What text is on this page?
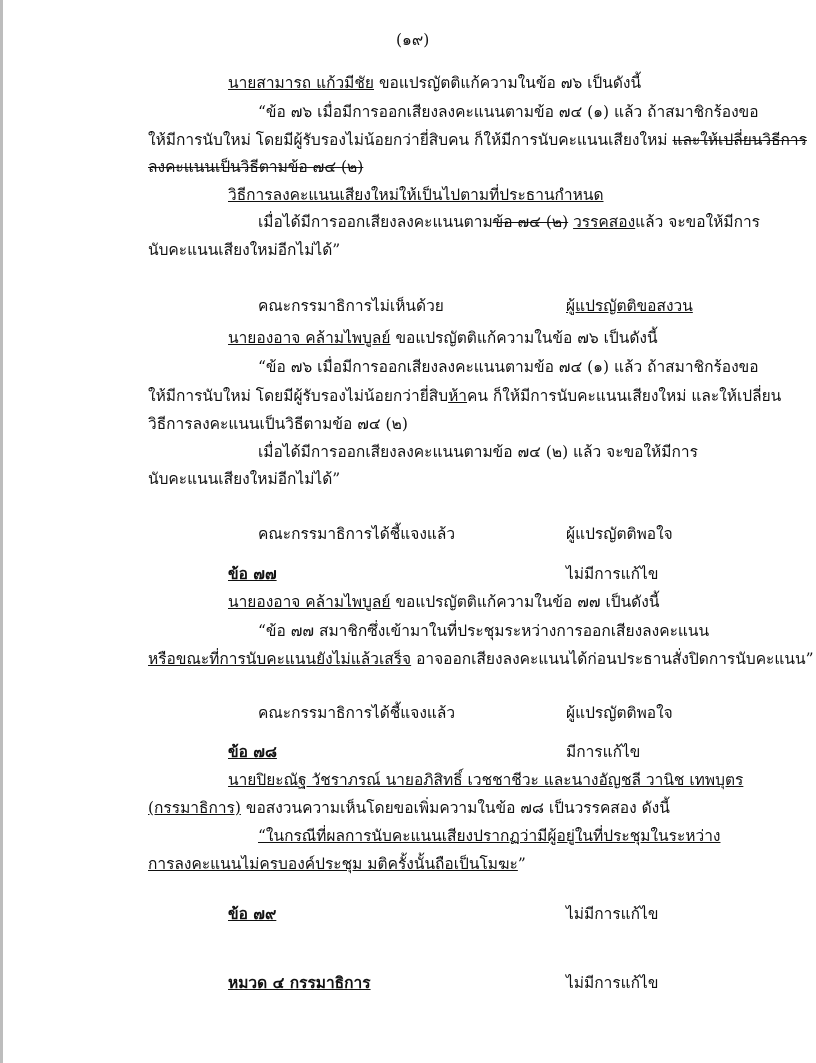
(๑๙)
นายสามารถ แก้วมีชัย ขอแปรญัตติแก้ความในข้อ ๗๖ เป็นดังนี้
“ข้อ ๗๖ เมื่อมีการออกเสียงลงคะแนนตามข้อ ๗๔ (๑) แล้ว ถ้าสมาชิกร้องขอ
ให้มีการนับใหม่ โดยมีผู้รับรองไม่น้อยกว่ายี่สิบคน ก็ให้มีการนับคะแนนเสียงใหม่ และให้เปลี่ยนวิธีการ
ลงคะแนนเป็นวิธีตามข้อ ๗๔ (๒)
วิธีการลงคะแนนเสียงใหม่ให้เป็นไปตามที่ประธานกำหนด
เมื่อได้มีการออกเสียงลงคะแนนตามข้อ ๗๔ (๒) วรรคสองแล้ว จะขอให้มีการ
นับคะแนนเสียงใหม่อีกไม่ได้”
คณะกรรมาธิการไม่เห็นด้วย	ผู้แปรญัตติขอสงวน
นายองอาจ คล้ามไพบูลย์ ขอแปรญัตติแก้ความในข้อ ๗๖ เป็นดังนี้
“ข้อ ๗๖ เมื่อมีการออกเสียงลงคะแนนตามข้อ ๗๔ (๑) แล้ว ถ้าสมาชิกร้องขอ
ให้มีการนับใหม่ โดยมีผู้รับรองไม่น้อยกว่ายี่สิบห้าคน ก็ให้มีการนับคะแนนเสียงใหม่ และให้เปลี่ยน
วิธีการลงคะแนนเป็นวิธีตามข้อ ๗๔ (๒)
เมื่อได้มีการออกเสียงลงคะแนนตามข้อ ๗๔ (๒) แล้ว จะขอให้มีการ
นับคะแนนเสียงใหม่อีกไม่ได้”
คณะกรรมาธิการได้ชี้แจงแล้ว	ผู้แปรญัตติพอใจ
ข้อ ๗๗	ไม่มีการแก้ไข
นายองอาจ คล้ามไพบูลย์ ขอแปรญัตติแก้ความในข้อ ๗๗ เป็นดังนี้
“ข้อ ๗๗ สมาชิกซึ่งเข้ามาในที่ประชุมระหว่างการออกเสียงลงคะแนน
หรือขณะที่การนับคะแนนยังไม่แล้วเสร็จ อาจออกเสียงลงคะแนนได้ก่อนประธานสั่งปิดการนับคะแนน”
คณะกรรมาธิการได้ชี้แจงแล้ว	ผู้แปรญัตติพอใจ
ข้อ ๗๘	มีการแก้ไข
นายปิยะณัฐ วัชราภรณ์ นายอภิสิทธิ์ เวชชาชีวะ และนางอัญชลี วานิช เทพบุตร
(กรรมาธิการ) ขอสงวนความเห็นโดยขอเพิ่มความในข้อ ๗๘ เป็นวรรคสอง ดังนี้
“ในกรณีที่ผลการนับคะแนนเสียงปรากฏว่ามีผู้อยู่ในที่ประชุมในระหว่าง
การลงคะแนนไม่ครบองค์ประชุม มติครั้งนั้นถือเป็นโมฆะ”
ข้อ ๗๙	ไม่มีการแก้ไข
หมวด ๔ กรรมาธิการ	ไม่มีการแก้ไข
